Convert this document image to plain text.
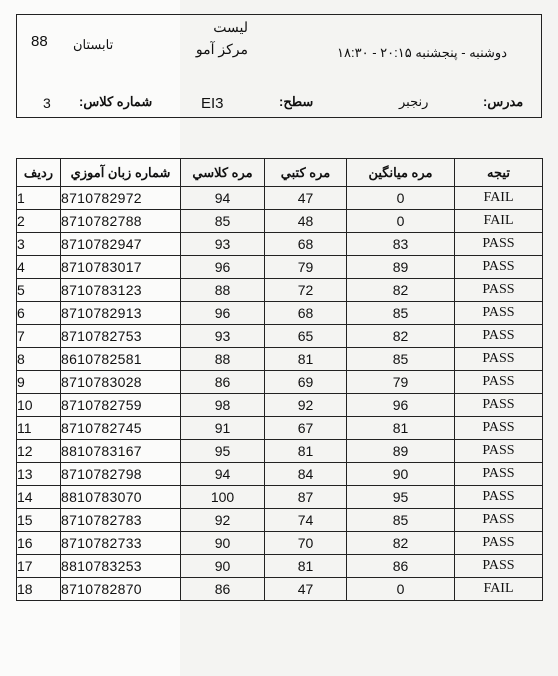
88 تابستان
لیست
مرکز آمو	دوشنبه - پنجشنبه ۲۰:۱۵ - ۱۸:۳۰
3 شماره کلاس:	EI3	سطح:	رنجبر	مدرس:
ردیف	شماره زبان آموزي	مره کلاسي	مره کتبي	مره ميانگين	تيجه
1	8710782972	94	47	0	FAIL
2	8710782788	85	48	0	FAIL
3	8710782947	93	68	83	PASS
4	8710783017	96	79	89	PASS
5	8710783123	88	72	82	PASS
6	8710782913	96	68	85	PASS
7	8710782753	93	65	82	PASS
8	8610782581	88	81	85	PASS
9	8710783028	86	69	79	PASS
10	8710782759	98	92	96	PASS
11	8710782745	91	67	81	PASS
12	8810783167	95	81	89	PASS
13	8710782798	94	84	90	PASS
14	8810783070	100	87	95	PASS
15	8710782783	92	74	85	PASS
16	8710782733	90	70	82	PASS
17	8810783253	90	81	86	PASS
18	8710782870	86	47	0	FAIL
